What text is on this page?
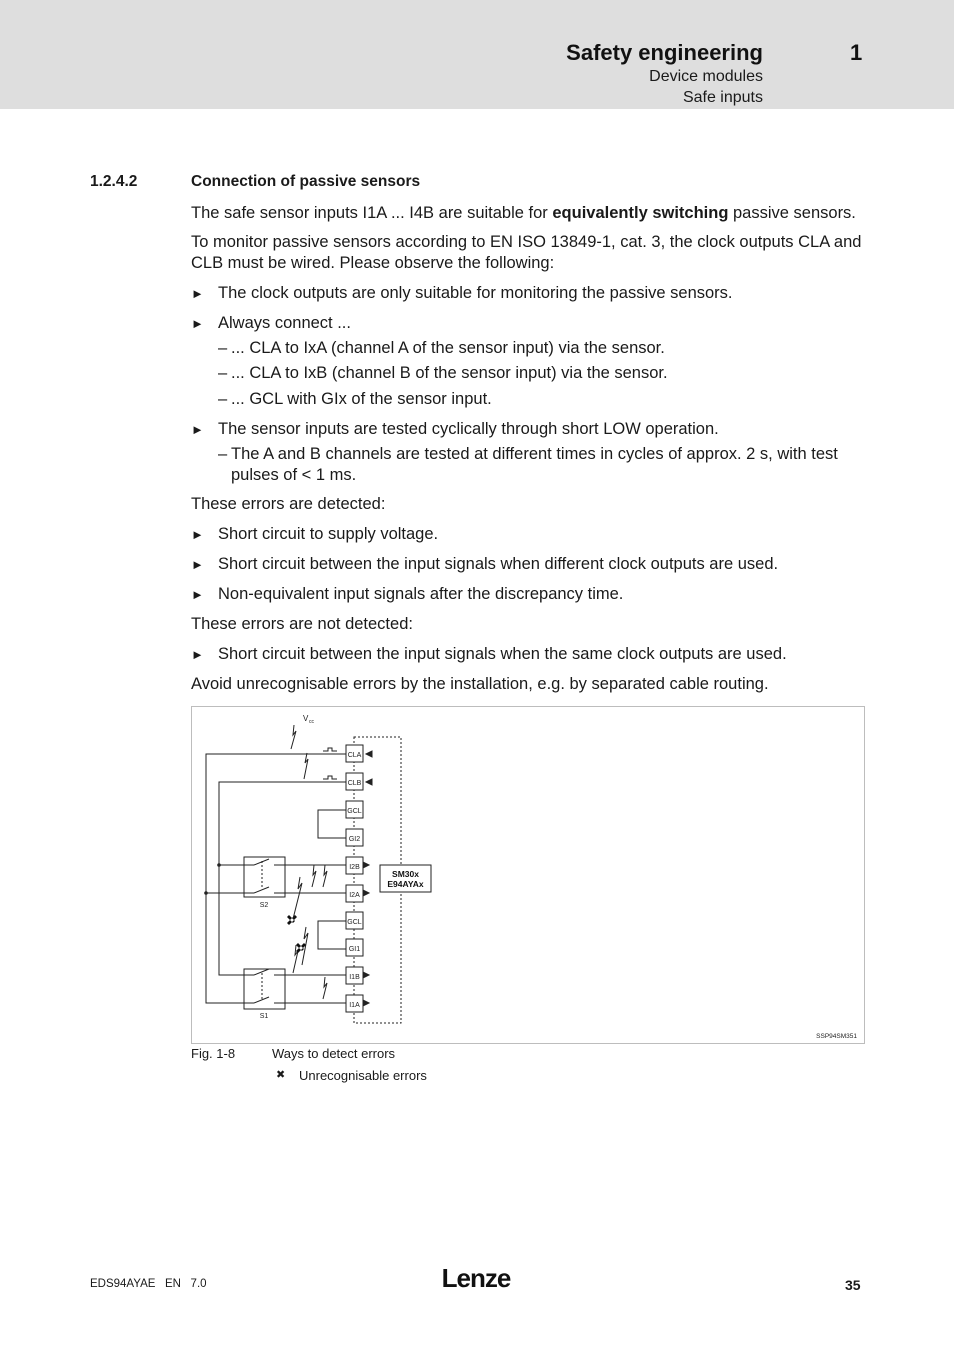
Safety engineering	1
Device modules
Safe inputs
1.2.4.2	Connection of passive sensors
The safe sensor inputs I1A ... I4B are suitable for equivalently switching passive sensors.
To monitor passive sensors according to EN ISO 13849-1, cat. 3, the clock outputs CLA and CLB must be wired. Please observe the following:
► The clock outputs are only suitable for monitoring the passive sensors.
► Always connect ...
– ... CLA to IxA (channel A of the sensor input) via the sensor.
– ... CLA to IxB (channel B of the sensor input) via the sensor.
– ... GCL with GIx of the sensor input.
► The sensor inputs are tested cyclically through short LOW operation.
– The A and B channels are tested at different times in cycles of approx. 2 s, with test pulses of < 1 ms.
These errors are detected:
► Short circuit to supply voltage.
► Short circuit between the input signals when different clock outputs are used.
► Non-equivalent input signals after the discrepancy time.
These errors are not detected:
► Short circuit between the input signals when the same clock outputs are used.
Avoid unrecognisable errors by the installation, e.g. by separated cable routing.
V cc
CLA
CLB
GCL
GI2
I2B
I2A
GCL
GI1
I1B
I1A
SM30x
E94AYAx
S2
S1
SSP94SM351
Fig. 1-8	Ways to detect errors
✖ Unrecognisable errors
EDS94AYAE   EN   7.0	Lenze	35
